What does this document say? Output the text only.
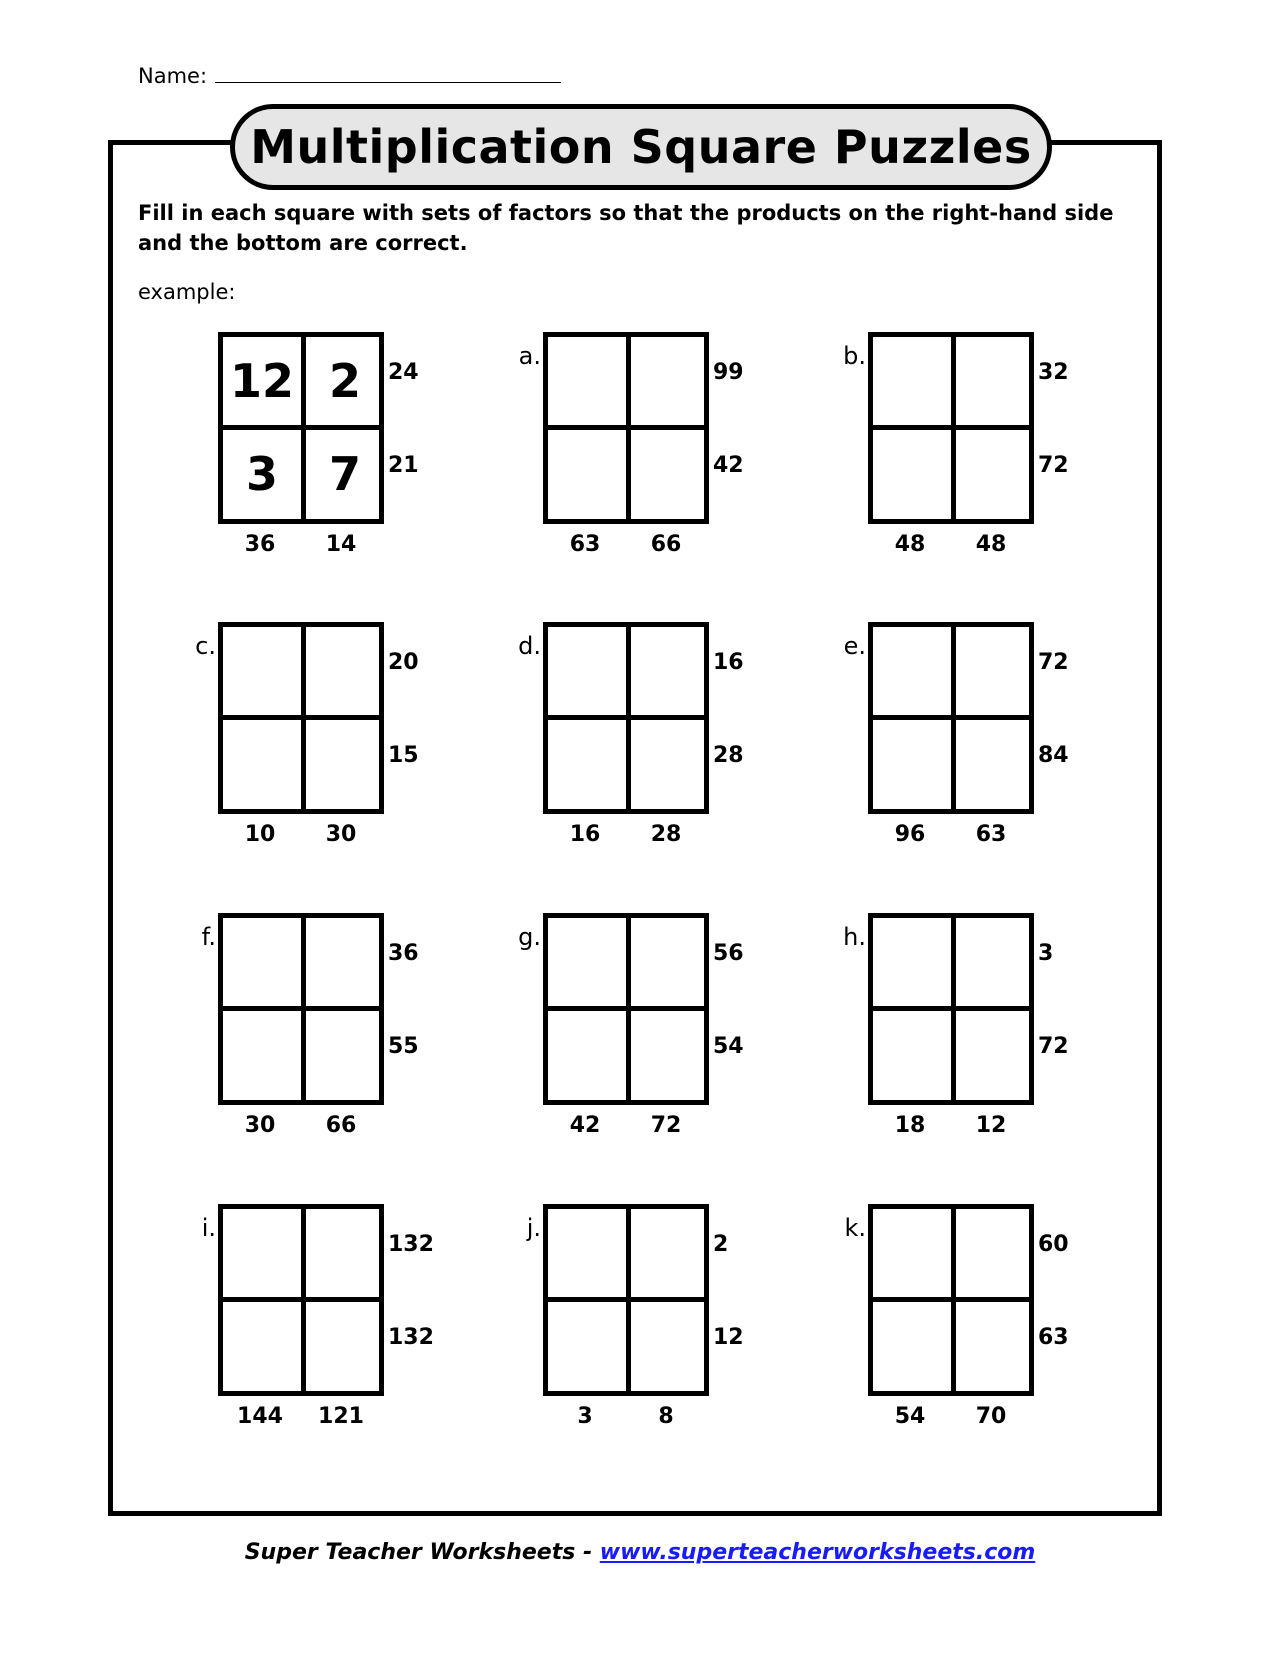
Name:
Multiplication Square Puzzles
Fill in each square with sets of factors so that the products on the right-hand side and the bottom are correct.
example:
12 2
3	7
24
21
36	14
a.
99
42
63	66
b.
32
72
48	48
c.
20
15
10	30
d.
16
28
16	28
e.
72
84
96	63
f.
36
55
30	66
g.
56
54
42	72
h.
3
72
18	12
i.
132
132
144	121
j.
2
12
3	8
k.
60
63
54	70
Super Teacher Worksheets - www.superteacherworksheets.com
